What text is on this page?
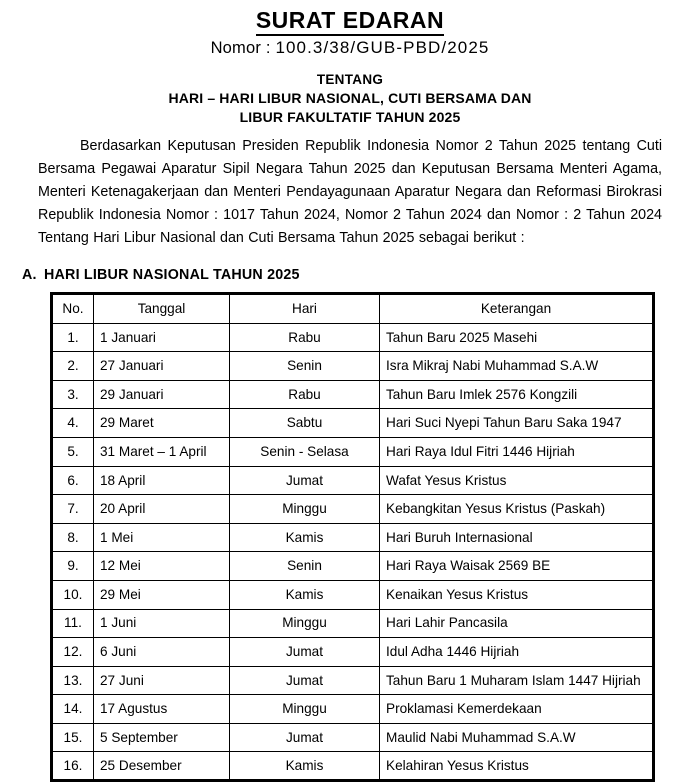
SURAT EDARAN
Nomor : 100.3/38/GUB-PBD/2025
TENTANG
HARI – HARI LIBUR NASIONAL, CUTI BERSAMA DAN
LIBUR FAKULTATIF TAHUN 2025

Berdasarkan Keputusan Presiden Republik Indonesia Nomor 2 Tahun 2025 tentang Cuti Bersama Pegawai Aparatur Sipil Negara Tahun 2025 dan Keputusan Bersama Menteri Agama, Menteri Ketenagakerjaan dan Menteri Pendayagunaan Aparatur Negara dan Reformasi Birokrasi Republik Indonesia Nomor : 1017 Tahun 2024, Nomor 2 Tahun 2024 dan Nomor : 2 Tahun 2024 Tentang Hari Libur Nasional dan Cuti Bersama Tahun 2025 sebagai berikut :

A. HARI LIBUR NASIONAL TAHUN 2025
No.	Tanggal	Hari	Keterangan
1.	1 Januari	Rabu	Tahun Baru 2025 Masehi
2.	27 Januari	Senin	Isra Mikraj Nabi Muhammad S.A.W
3.	29 Januari	Rabu	Tahun Baru Imlek 2576 Kongzili
4.	29 Maret	Sabtu	Hari Suci Nyepi Tahun Baru Saka 1947
5.	31 Maret – 1 April	Senin - Selasa	Hari Raya Idul Fitri 1446 Hijriah
6.	18 April	Jumat	Wafat Yesus Kristus
7.	20 April	Minggu	Kebangkitan Yesus Kristus (Paskah)
8.	1 Mei	Kamis	Hari Buruh Internasional
9.	12 Mei	Senin	Hari Raya Waisak 2569 BE
10.	29 Mei	Kamis	Kenaikan Yesus Kristus
11.	1 Juni	Minggu	Hari Lahir Pancasila
12.	6 Juni	Jumat	Idul Adha 1446 Hijriah
13.	27 Juni	Jumat	Tahun Baru 1 Muharam Islam 1447 Hijriah
14.	17 Agustus	Minggu	Proklamasi Kemerdekaan
15.	5 September	Jumat	Maulid Nabi Muhammad S.A.W
16.	25 Desember	Kamis	Kelahiran Yesus Kristus
